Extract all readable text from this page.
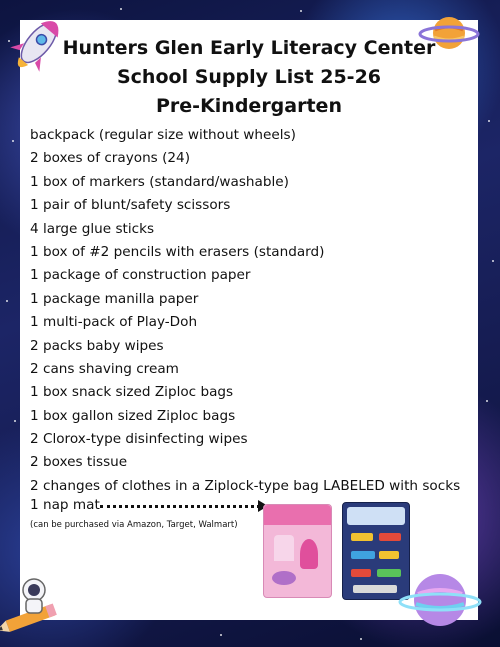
Hunters Glen Early Literacy Center
School Supply List 25-26
Pre-Kindergarten
backpack (regular size without wheels)
2 boxes of crayons (24)
1 box of markers (standard/washable)
1 pair of blunt/safety scissors
4 large glue sticks
1 box of #2 pencils with erasers (standard)
1 package of construction paper
1 package manilla paper
1 multi-pack of Play-Doh
2 packs baby wipes
2 cans shaving cream
1 box snack sized Ziploc bags
1 box gallon sized Ziploc bags
2 Clorox-type disinfecting wipes
2 boxes tissue
2 changes of clothes in a Ziplock-type bag LABELED with socks
1 nap mat
(can be purchased via Amazon, Target, Walmart)
